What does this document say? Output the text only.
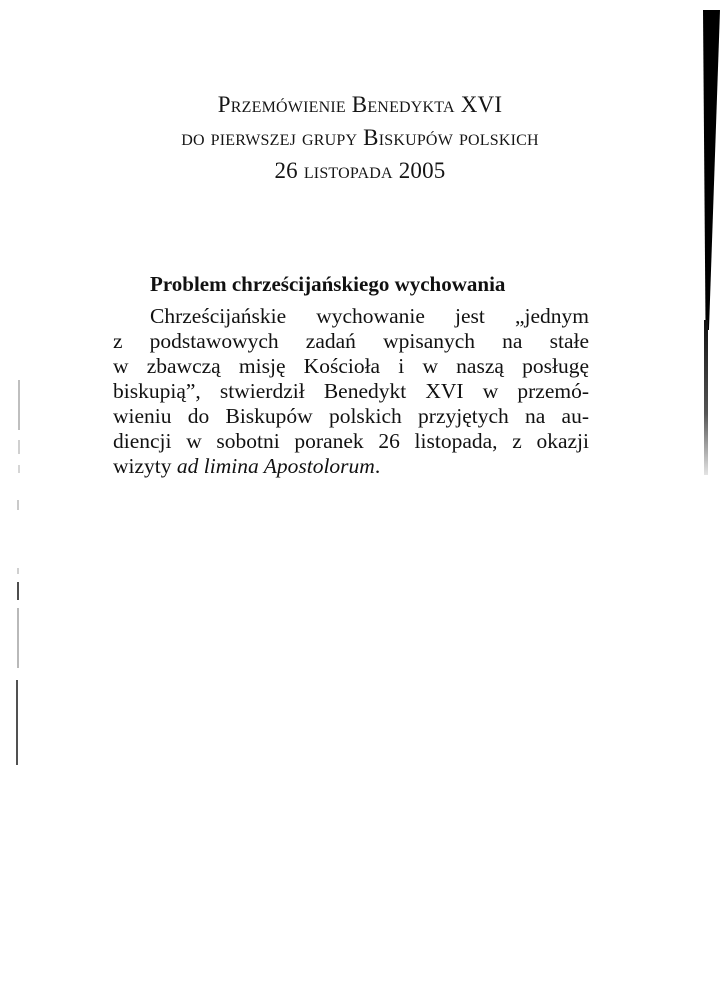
Przemówienie Benedykta XVI
do pierwszej grupy Biskupów polskich
26 listopada 2005
Problem chrześcijańskiego wychowania
Chrześcijańskie wychowanie jest „jednym
z podstawowych zadań wpisanych na stałe
w zbawczą misję Kościoła i w naszą posługę
biskupią”, stwierdził Benedykt XVI w przemó-
wieniu do Biskupów polskich przyjętych na au-
diencji w sobotni poranek 26 listopada, z okazji
wizyty ad limina Apostolorum.
